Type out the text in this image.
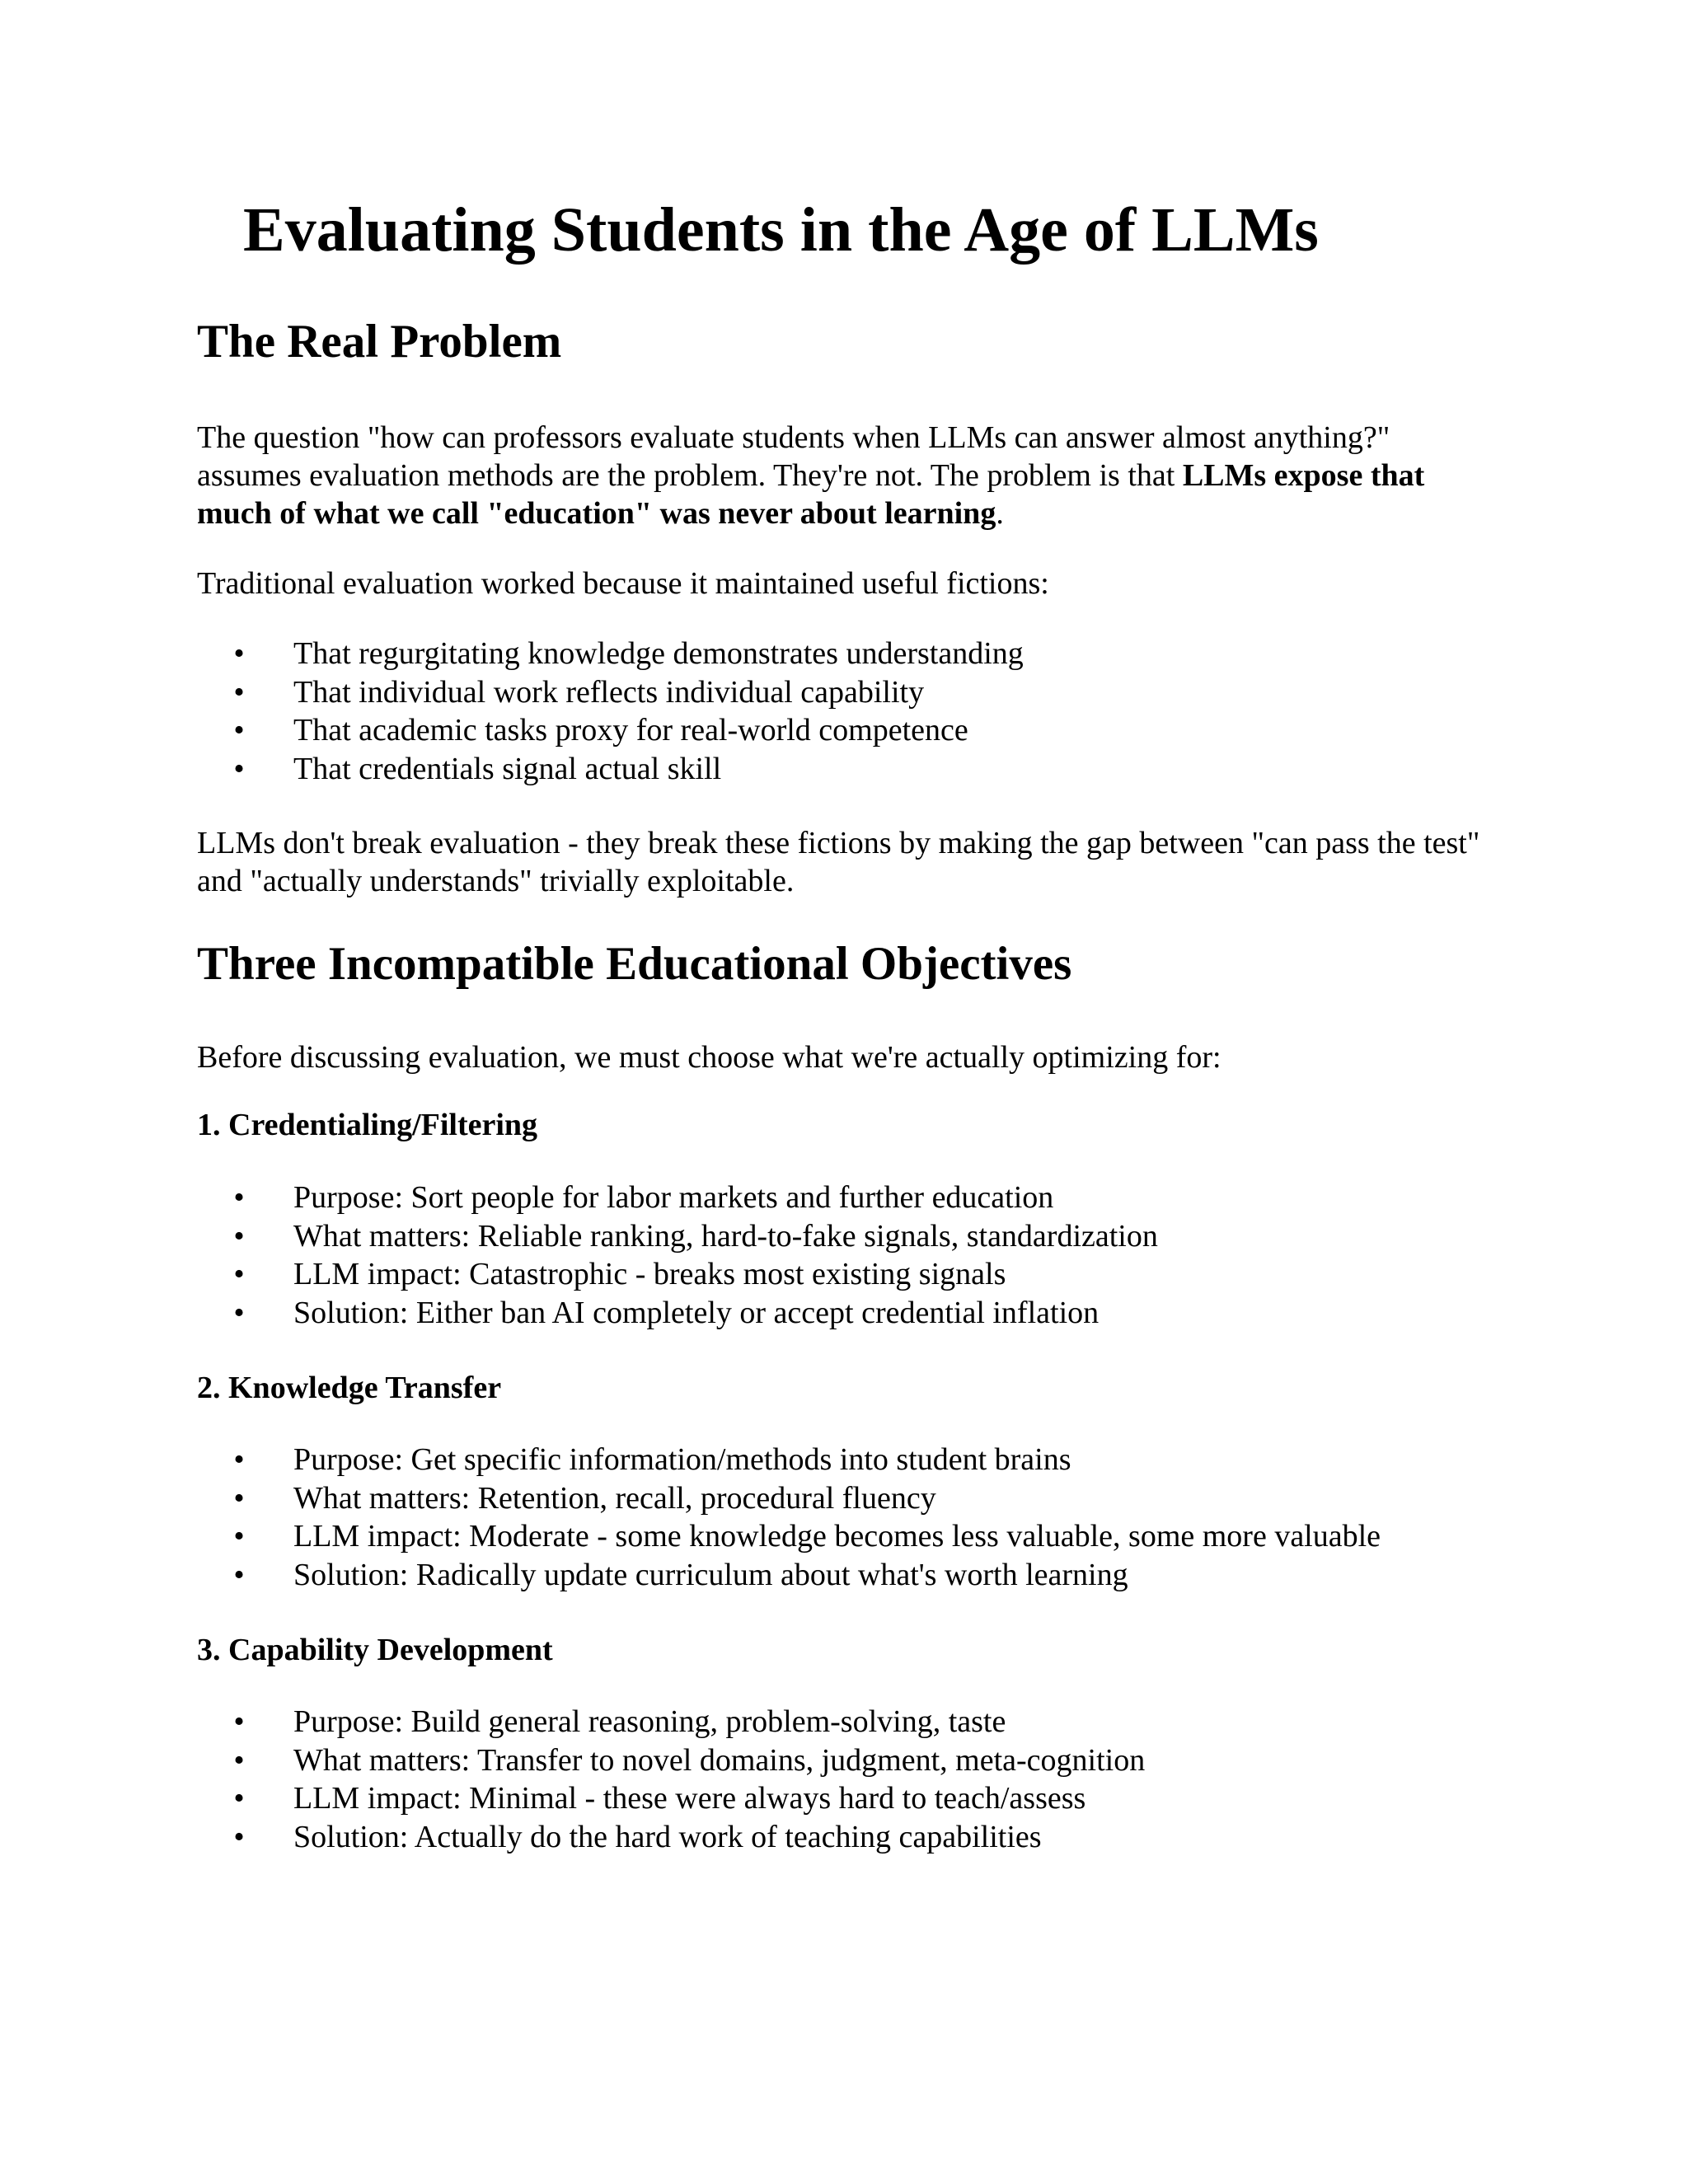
Evaluating Students in the Age of LLMs
The Real Problem

The question "how can professors evaluate students when LLMs can answer almost anything?" assumes evaluation methods are the problem. They're not. The problem is that LLMs expose that much of what we call "education" was never about learning.

Traditional evaluation worked because it maintained useful fictions:

• That regurgitating knowledge demonstrates understanding
• That individual work reflects individual capability
• That academic tasks proxy for real-world competence
• That credentials signal actual skill

LLMs don't break evaluation - they break these fictions by making the gap between "can pass the test" and "actually understands" trivially exploitable.

Three Incompatible Educational Objectives

Before discussing evaluation, we must choose what we're actually optimizing for:

1. Credentialing/Filtering
• Purpose: Sort people for labor markets and further education
• What matters: Reliable ranking, hard-to-fake signals, standardization
• LLM impact: Catastrophic - breaks most existing signals
• Solution: Either ban AI completely or accept credential inflation
2. Knowledge Transfer
• Purpose: Get specific information/methods into student brains
• What matters: Retention, recall, procedural fluency
• LLM impact: Moderate - some knowledge becomes less valuable, some more valuable
• Solution: Radically update curriculum about what's worth learning
3. Capability Development
• Purpose: Build general reasoning, problem-solving, taste
• What matters: Transfer to novel domains, judgment, meta-cognition
• LLM impact: Minimal - these were always hard to teach/assess
• Solution: Actually do the hard work of teaching capabilities
